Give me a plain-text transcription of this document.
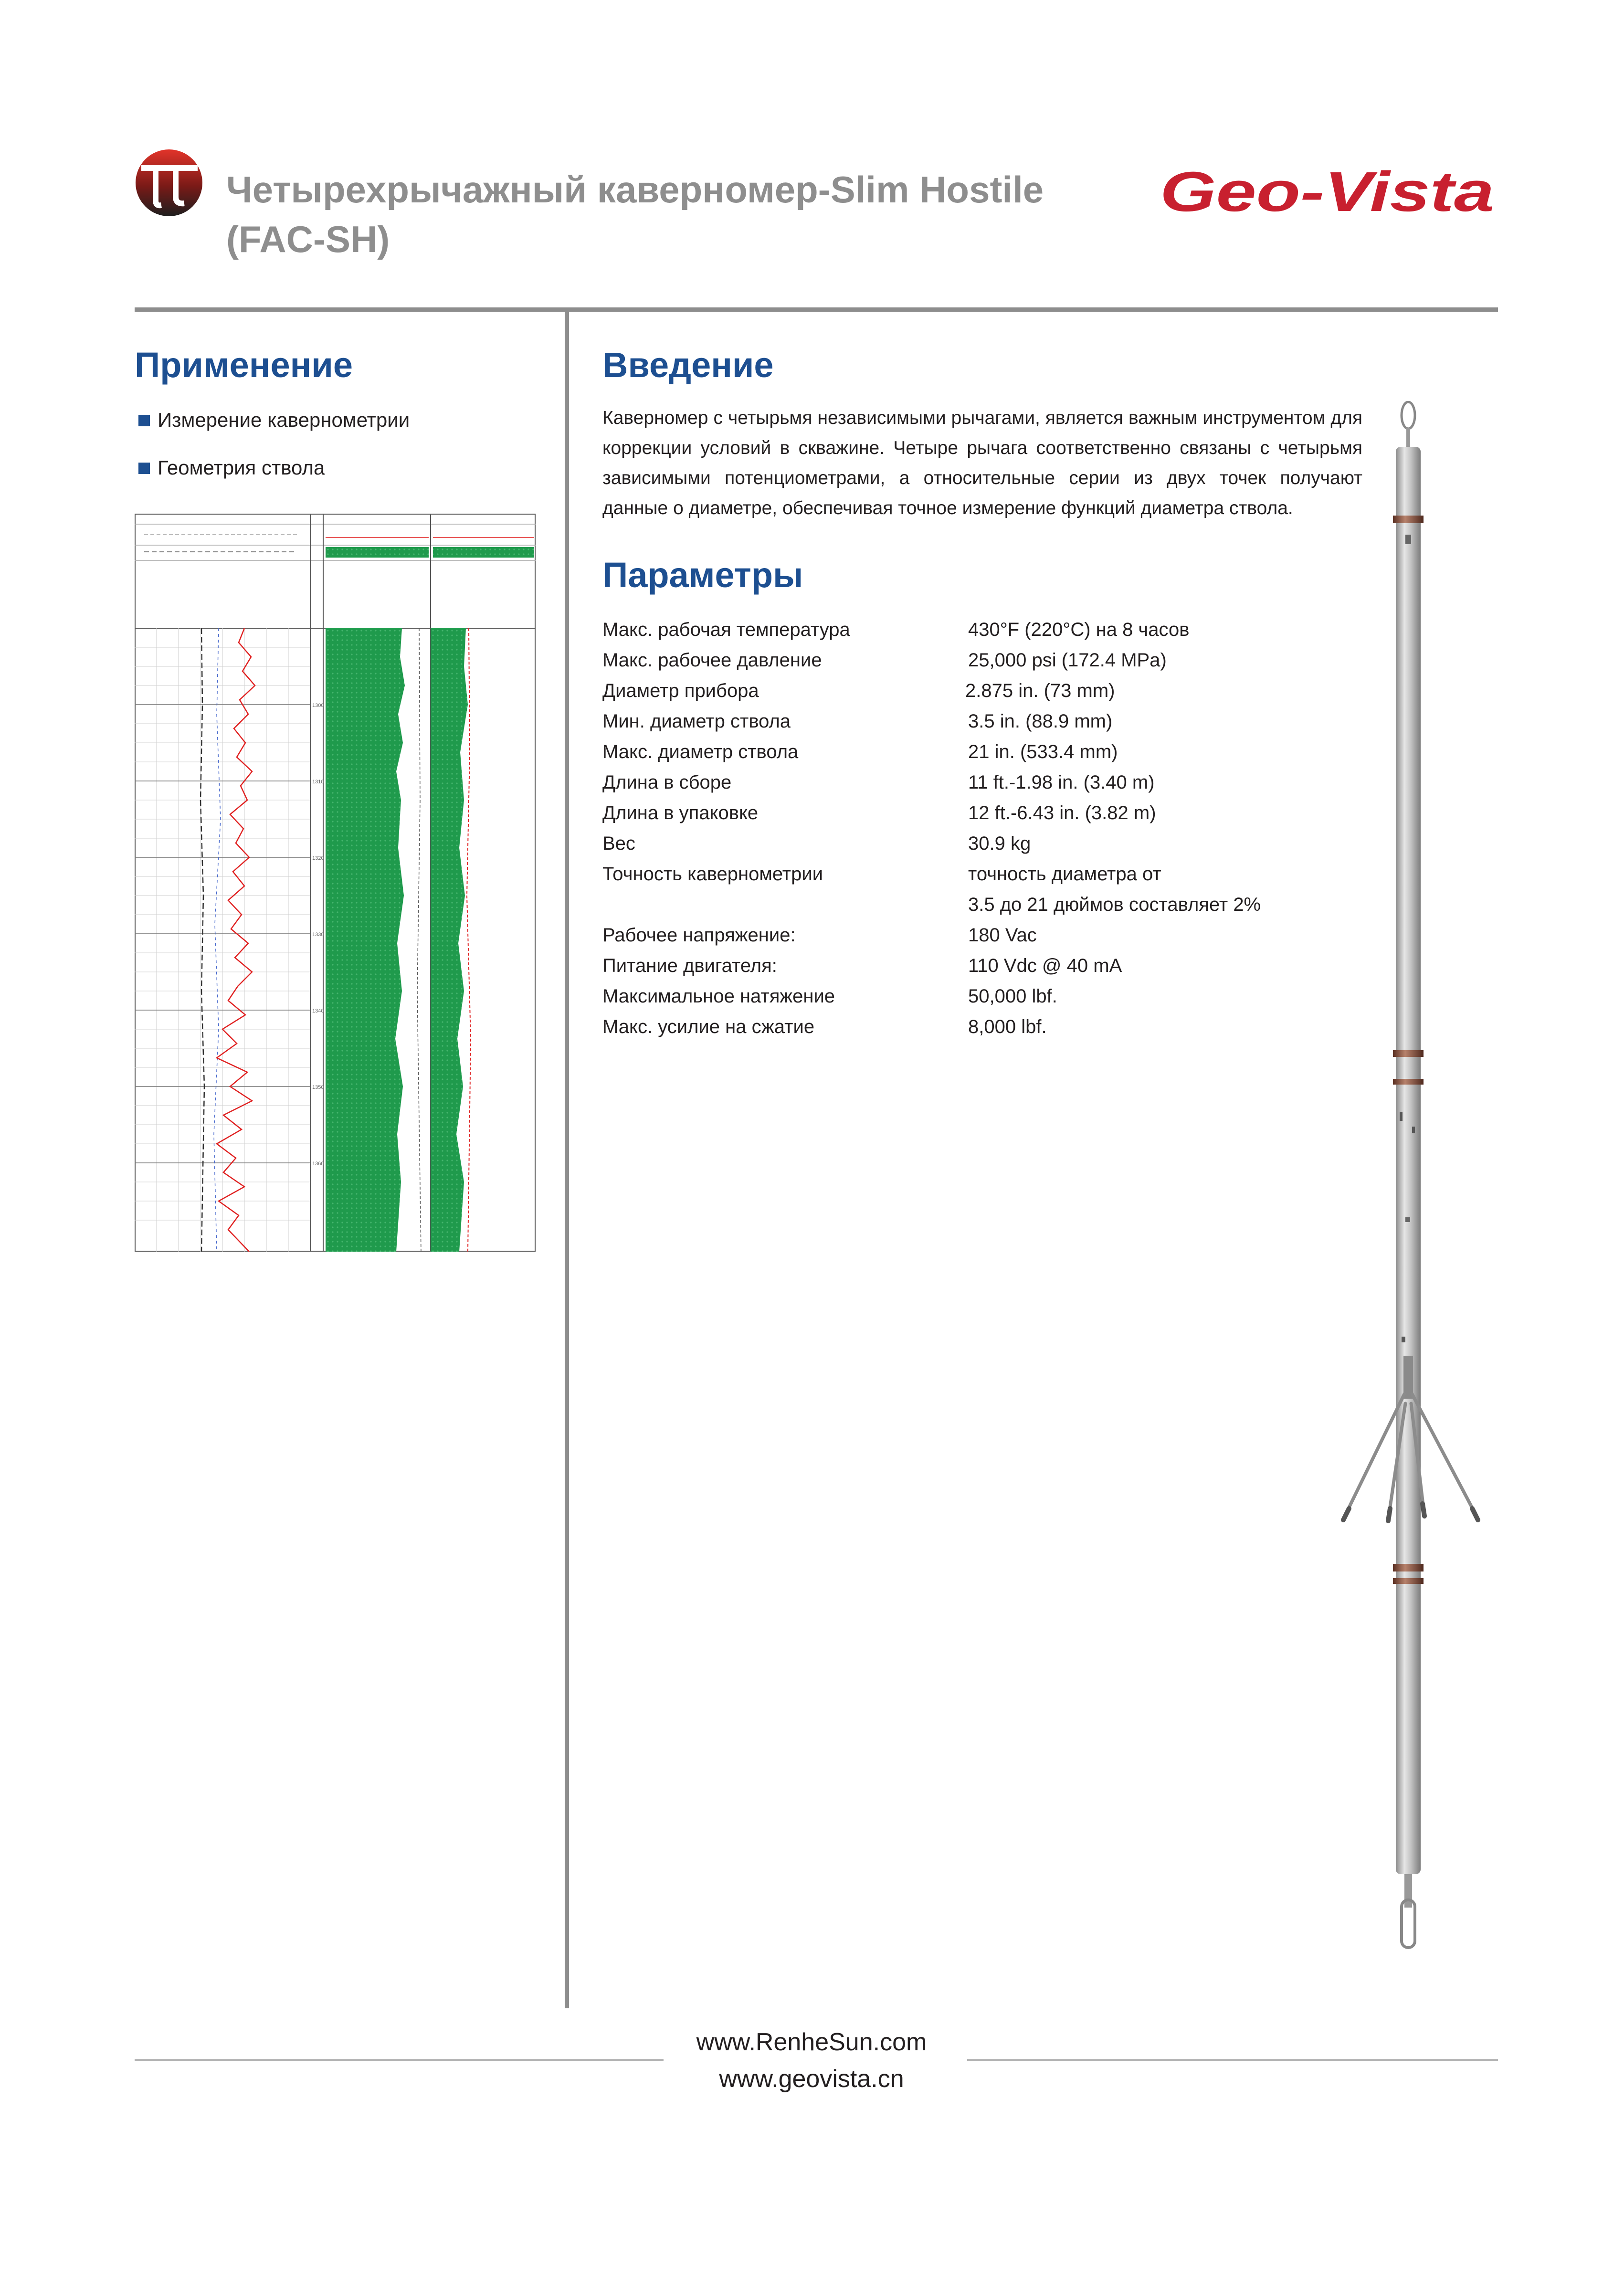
Четырехрычажный каверномер-Slim Hostile
(FAC-SH)
Geo-Vista
Применение
Измерение кавернометрии
Геометрия ствола
1300
1310
1320
1330
1340
1350
1360
Введение
Каверномер с четырьмя независимыми рычагами, является важным инструментом для коррекции условий в скважине. Четыре рычага соответственно связаны с четырьмя зависимыми потенциометрами, а относительные серии из двух точек получают данные о диаметре, обеспечивая точное измерение функций диаметра ствола.
Параметры
Макс. рабочая температура	430°F (220°C) на 8 часов
Макс. рабочее давление	25,000 psi (172.4 MPa)
Диаметр прибора	2.875 in. (73 mm)
Мин. диаметр ствола	3.5 in. (88.9 mm)
Макс. диаметр ствола	21 in. (533.4 mm)
Длина в сборе	11 ft.-1.98 in. (3.40 m)
Длина в упаковке	12 ft.-6.43 in. (3.82 m)
Вес	30.9 kg
Точность кавернометрии	точность диаметра от
3.5 до 21 дюймов составляет 2%
Рабочее напряжение:	180 Vac
Питание двигателя:	110 Vdc @ 40 mA
Максимальное натяжение	50,000 lbf.
Макс. усилие на сжатие	8,000 lbf.
www.RenheSun.com
www.geovista.cn
